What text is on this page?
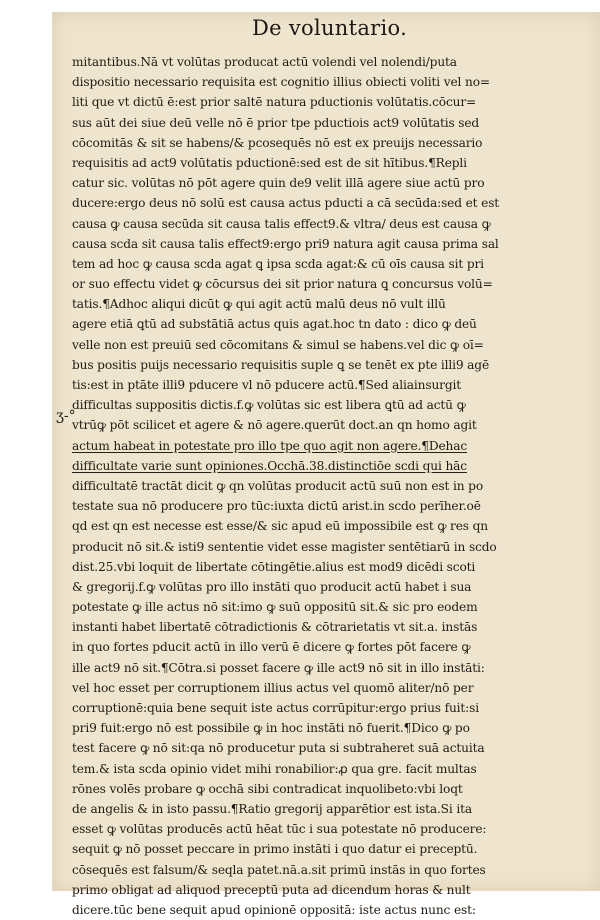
De voluntario.
ʒ-°
mitantibus.Nā vt volūtas producat actū volendi vel nolendi/puta
dispositio necessario requisita est cognitio illius obiecti voliti vel no=
liti que vt dictū ē:est prior saltē natura pductionis volūtatis.cōcur=
sus aūt dei siue deū velle nō ē prior tpe pductiois act9 volūtatis sed
cōcomitās & sit se habens/& pcosequēs nō est ex preuijs necessario
requisitis ad act9 volūtatis pductionē:sed est de sit hītibus.¶Repli
catur sic. volūtas nō pōt agere quin de9 velit illā agere siue actū pro
ducere:ergo deus nō solū est causa actus pducti a cā secūda:sed et est
causa ꝙ causa secūda sit causa talis effect9.& vltra/ deus est causa ꝙ
causa scda sit causa talis effect9:ergo pri9 natura agit causa prima sal
tem ad hoc ꝙ causa scda agat ꝗ ipsa scda agat:& cū oīs causa sit pri
or suo effectu videt ꝙ cōcursus dei sit prior natura ꝗ concursus volū=
tatis.¶Adhoc aliqui dicūt ꝙ qui agit actū malū deus nō vult illū
agere etiā ꝗtū ad substātiā actus quis agat.hoc tn dato : dico ꝙ deū
velle non est preuiū sed cōcomitans & simul se habens.vel dic ꝙ oī=
bus positis puijs necessario requisitis suple ꝗ se tenēt ex pte illi9 agē
tis:est in ptāte illi9 pducere vl nō pducere actū.¶Sed aliainsurgit
difficultas suppositis dictis.f.ꝙ volūtas sic est libera ꝗtū ad actū ꝙ
vtrūꝙ pōt scilicet et agere & nō agere.querūt doct.an qn homo agit
actum habeat in potestate pro illo tpe quo agit non agere.¶Dehac
difficultate varie sunt opiniones.Occhā.38.distinctiōe scdi qui hāc
difficultatē tractāt dicit ꝙ qn volūtas producit actū suū non est in po
testate sua nō producere pro tūc:iuxta dictū arist.in scdo perīher.oē
qd est qn est necesse est esse/& sic apud eū impossibile est ꝙ res qn
producit nō sit.& isti9 sententie videt esse magister sentētiarū in scdo
dist.25.vbi loquit de libertate cōtingētie.alius est mod9 dicēdi scoti
& gregorij.f.ꝙ volūtas pro illo instāti quo producit actū habet i sua
potestate ꝙ ille actus nō sit:imo ꝙ suū oppositū sit.& sic pro eodem
instanti habet libertatē cōtradictionis & cōtrarietatis vt sit.a. instās
in quo fortes pducit actū in illo verū ē dicere ꝙ fortes pōt facere ꝙ
ille act9 nō sit.¶Cōtra.si posset facere ꝙ ille act9 nō sit in illo instāti:
vel hoc esset per corruptionem illius actus vel quomō aliter/nō per
corruptionē:quia bene sequit iste actus corrūpitur:ergo prius fuit:si
pri9 fuit:ergo nō est possibile ꝙ in hoc instāti nō fuerit.¶Dico ꝙ po
test facere ꝙ nō sit:qa nō producetur puta si subtraheret suā actuita
tem.& ista scda opinio videt mihi ronabilior:ꝓ qua gre. facit multas
rōnes volēs probare ꝙ occhā sibi contradicat inquolibeto:vbi loqt
de angelis & in isto passu.¶Ratio gregorij apparētior est ista.Si ita
esset ꝙ volūtas producēs actū hēat tūc i sua potestate nō producere:
sequit ꝙ nō posset peccare in primo instāti i quo datur ei preceptū.
cōsequēs est falsum/& seqla patet.nā.a.sit primū instās in quo fortes
primo obligat ad aliquod preceptū puta ad dicendum horas & nult
dicere.tūc bene sequit apud opinionē oppositā: iste actus nunc est:
